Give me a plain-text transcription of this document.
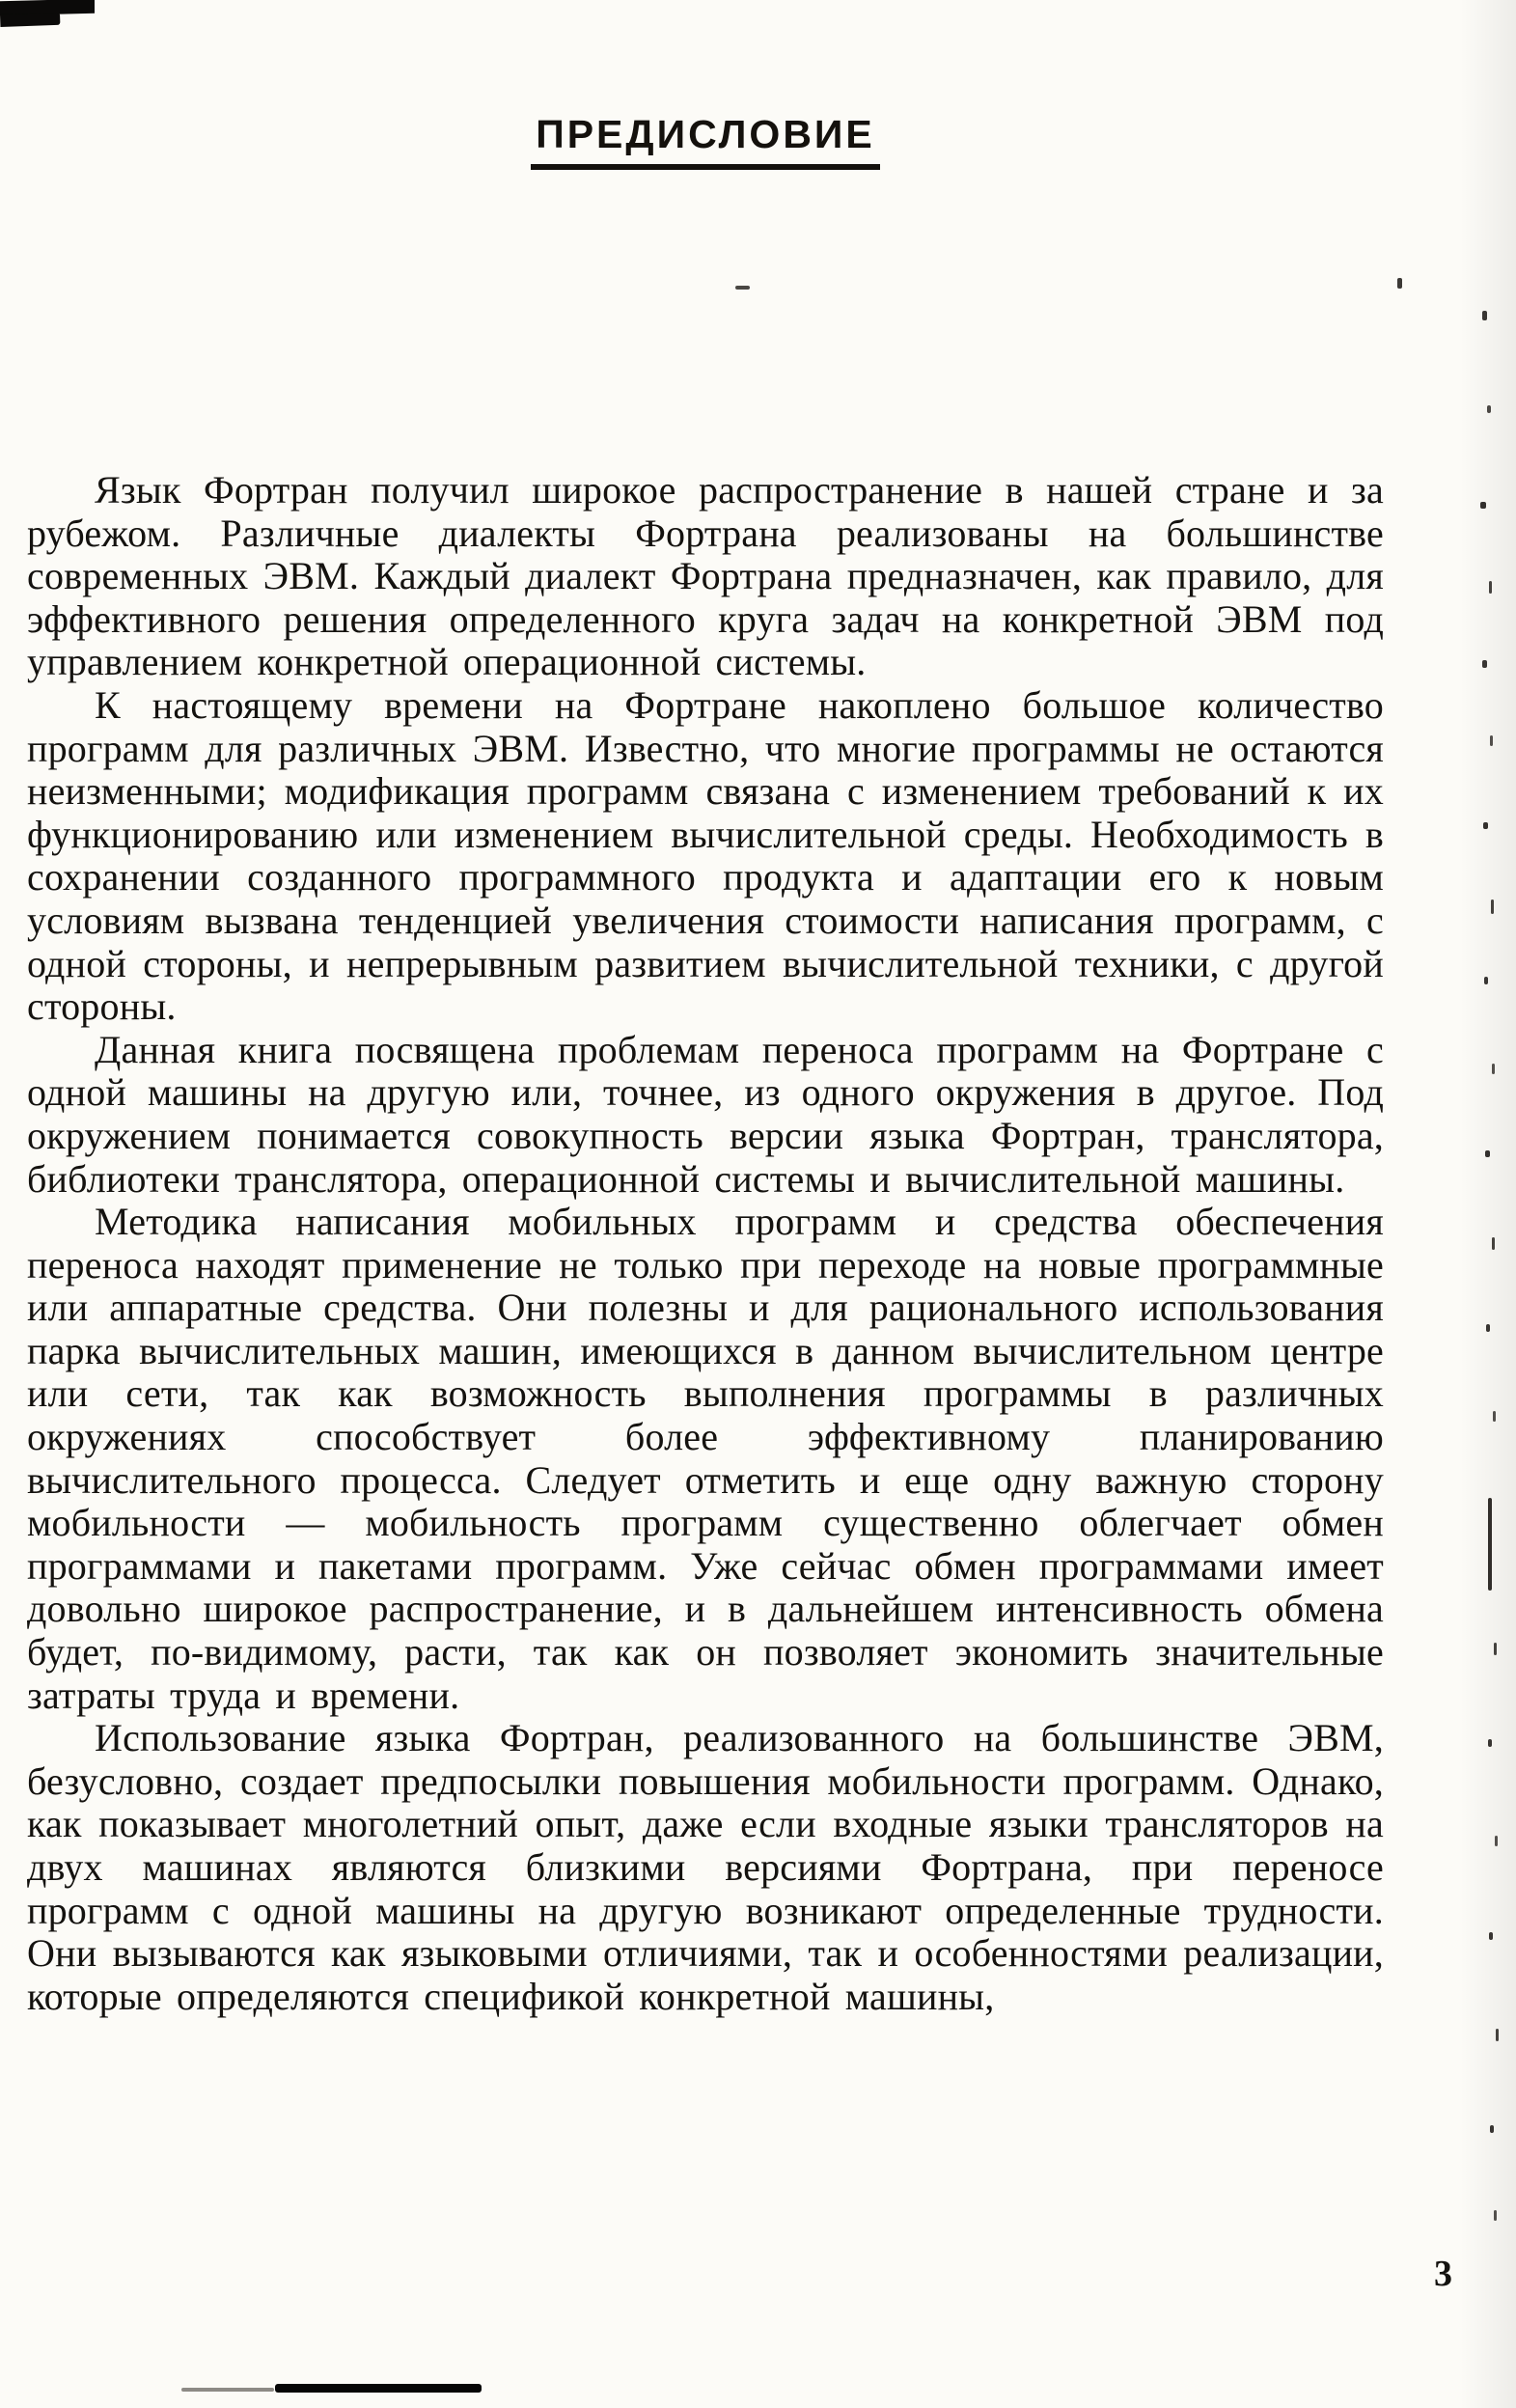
ПРЕДИСЛОВИЕ

Язык Фортран получил широкое распространение в нашей стране и за рубежом. Различные диалекты Фортрана реализованы на большинстве современных ЭВМ. Каждый диалект Фортрана предназначен, как правило, для эффективного решения определенного круга задач на конкретной ЭВМ под управлением конкретной операционной системы.

К настоящему времени на Фортране накоплено большое количество программ для различных ЭВМ. Известно, что многие программы не остаются неизменными; модификация программ связана с изменением требований к их функционированию или изменением вычислительной среды. Необходимость в сохранении созданного программного продукта и адаптации его к новым условиям вызвана тенденцией увеличения стоимости написания программ, с одной стороны, и непрерывным развитием вычислительной техники, с другой стороны.

Данная книга посвящена проблемам переноса программ на Фортране с одной машины на другую или, точнее, из одного окружения в другое. Под окружением понимается совокупность версии языка Фортран, транслятора, библиотеки транслятора, операционной системы и вычислительной машины.

Методика написания мобильных программ и средства обеспечения переноса находят применение не только при переходе на новые программные или аппаратные средства. Они полезны и для рационального использования парка вычислительных машин, имеющихся в данном вычислительном центре или сети, так как возможность выполнения программы в различных окружениях способствует более эффективному планированию вычислительного процесса. Следует отметить и еще одну важную сторону мобильности — мобильность программ существенно облегчает обмен программами и пакетами программ. Уже сейчас обмен программами имеет довольно широкое распространение, и в дальнейшем интенсивность обмена будет, по-видимому, расти, так как он позволяет экономить значительные затраты труда и времени.

Использование языка Фортран, реализованного на большинстве ЭВМ, безусловно, создает предпосылки повышения мобильности программ. Однако, как показывает многолетний опыт, даже если входные языки трансляторов на двух машинах являются близкими версиями Фортрана, при переносе программ с одной машины на другую возникают определенные трудности. Они вызываются как языковыми отличиями, так и особенностями реализации, которые определяются спецификой конкретной машины,

3
